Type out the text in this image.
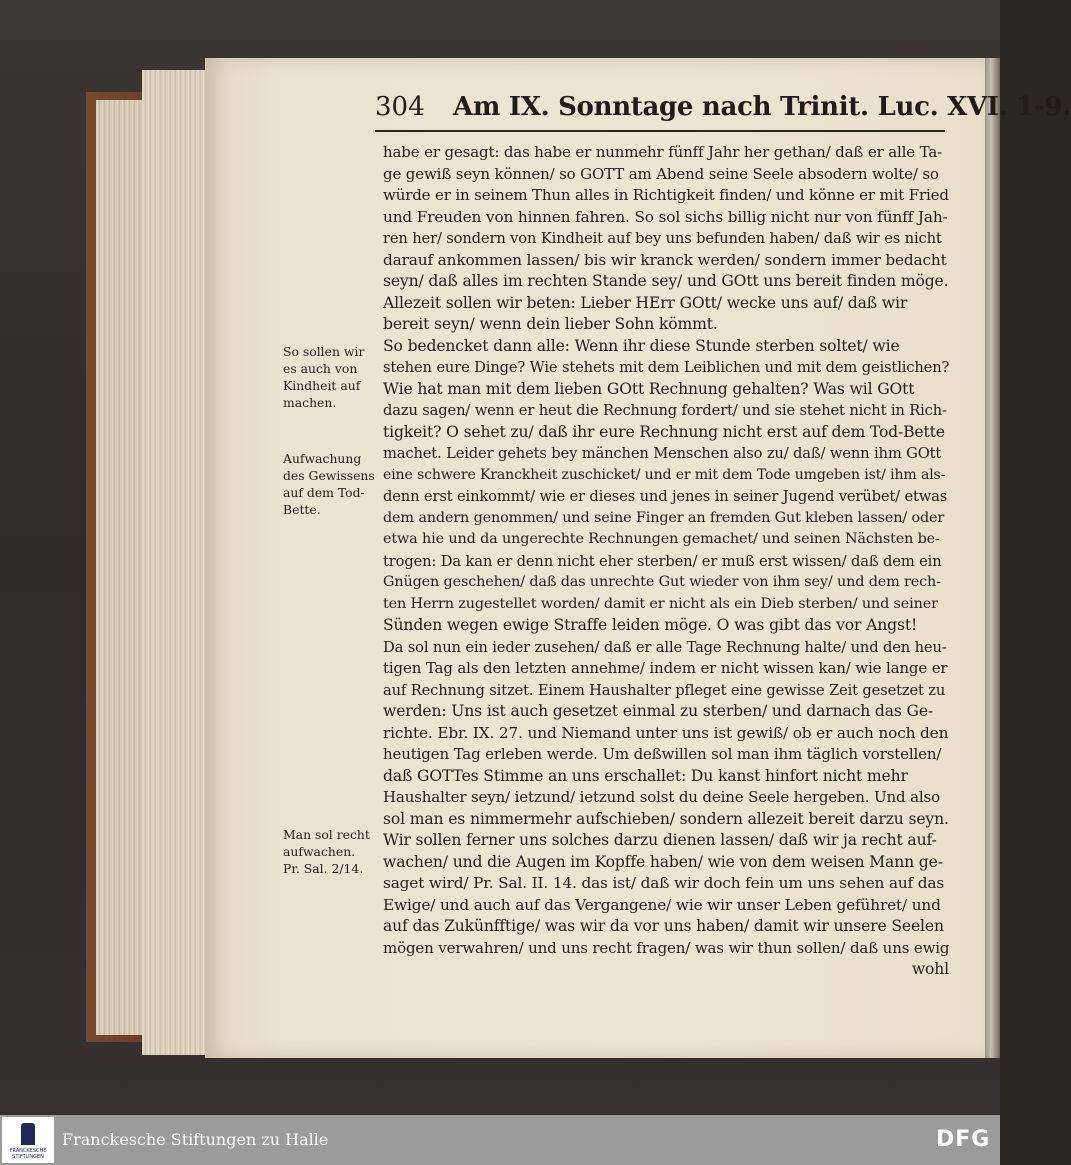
304 Am IX. Sonntage nach Trinit. Luc. XVI. 1-9.
habe er gesagt: das habe er nunmehr fünff Jahr her gethan/ daß er alle Ta-
ge gewiß seyn können/ so GOTT am Abend seine Seele absodern wolte/ so
würde er in seinem Thun alles in Richtigkeit finden/ und könne er mit Fried
und Freuden von hinnen fahren. So sol sichs billig nicht nur von fünff Jah-
ren her/ sondern von Kindheit auf bey uns befunden haben/ daß wir es nicht
darauf ankommen lassen/ bis wir kranck werden/ sondern immer bedacht
seyn/ daß alles im rechten Stande sey/ und GOtt uns bereit finden möge.
Allezeit sollen wir beten: Lieber HErr GOtt/ wecke uns auf/ daß wir
bereit seyn/ wenn dein lieber Sohn kömmt.
So bedencket dann alle: Wenn ihr diese Stunde sterben soltet/ wie
stehen eure Dinge? Wie stehets mit dem Leiblichen und mit dem geistlichen?
Wie hat man mit dem lieben GOtt Rechnung gehalten? Was wil GOtt
dazu sagen/ wenn er heut die Rechnung fordert/ und sie stehet nicht in Rich-
tigkeit? O sehet zu/ daß ihr eure Rechnung nicht erst auf dem Tod-Bette
machet. Leider gehets bey mänchen Menschen also zu/ daß/ wenn ihm GOtt
eine schwere Kranckheit zuschicket/ und er mit dem Tode umgeben ist/ ihm als-
denn erst einkommt/ wie er dieses und jenes in seiner Jugend verübet/ etwas
dem andern genommen/ und seine Finger an fremden Gut kleben lassen/ oder
etwa hie und da ungerechte Rechnungen gemachet/ und seinen Nächsten be-
trogen: Da kan er denn nicht eher sterben/ er muß erst wissen/ daß dem ein
Gnügen geschehen/ daß das unrechte Gut wieder von ihm sey/ und dem rech-
ten Herrn zugestellet worden/ damit er nicht als ein Dieb sterben/ und seiner
Sünden wegen ewige Straffe leiden möge. O was gibt das vor Angst!
Da sol nun ein ieder zusehen/ daß er alle Tage Rechnung halte/ und den heu-
tigen Tag als den letzten annehme/ indem er nicht wissen kan/ wie lange er
auf Rechnung sitzet. Einem Haushalter pfleget eine gewisse Zeit gesetzet zu
werden: Uns ist auch gesetzet einmal zu sterben/ und darnach das Ge-
richte. Ebr. IX. 27. und Niemand unter uns ist gewiß/ ob er auch noch den
heutigen Tag erleben werde. Um deßwillen sol man ihm täglich vorstellen/
daß GOTTes Stimme an uns erschallet: Du kanst hinfort nicht mehr
Haushalter seyn/ ietzund/ ietzund solst du deine Seele hergeben. Und also
sol man es nimmermehr aufschieben/ sondern allezeit bereit darzu seyn.
Wir sollen ferner uns solches darzu dienen lassen/ daß wir ja recht auf-
wachen/ und die Augen im Kopffe haben/ wie von dem weisen Mann ge-
saget wird/ Pr. Sal. II. 14. das ist/ daß wir doch fein um uns sehen auf das
Ewige/ und auch auf das Vergangene/ wie wir unser Leben geführet/ und
auf das Zukünfftige/ was wir da vor uns haben/ damit wir unsere Seelen
mögen verwahren/ und uns recht fragen/ was wir thun sollen/ daß uns ewig
wohl
So sollen wir
es auch von
Kindheit auf
machen.
Aufwachung
des Gewissens
auf dem Tod-
Bette.
Man sol recht
aufwachen.
Pr. Sal. 2/14.
FRANCKESCHE STIFTUNGEN
Franckesche Stiftungen zu Halle	DFG
